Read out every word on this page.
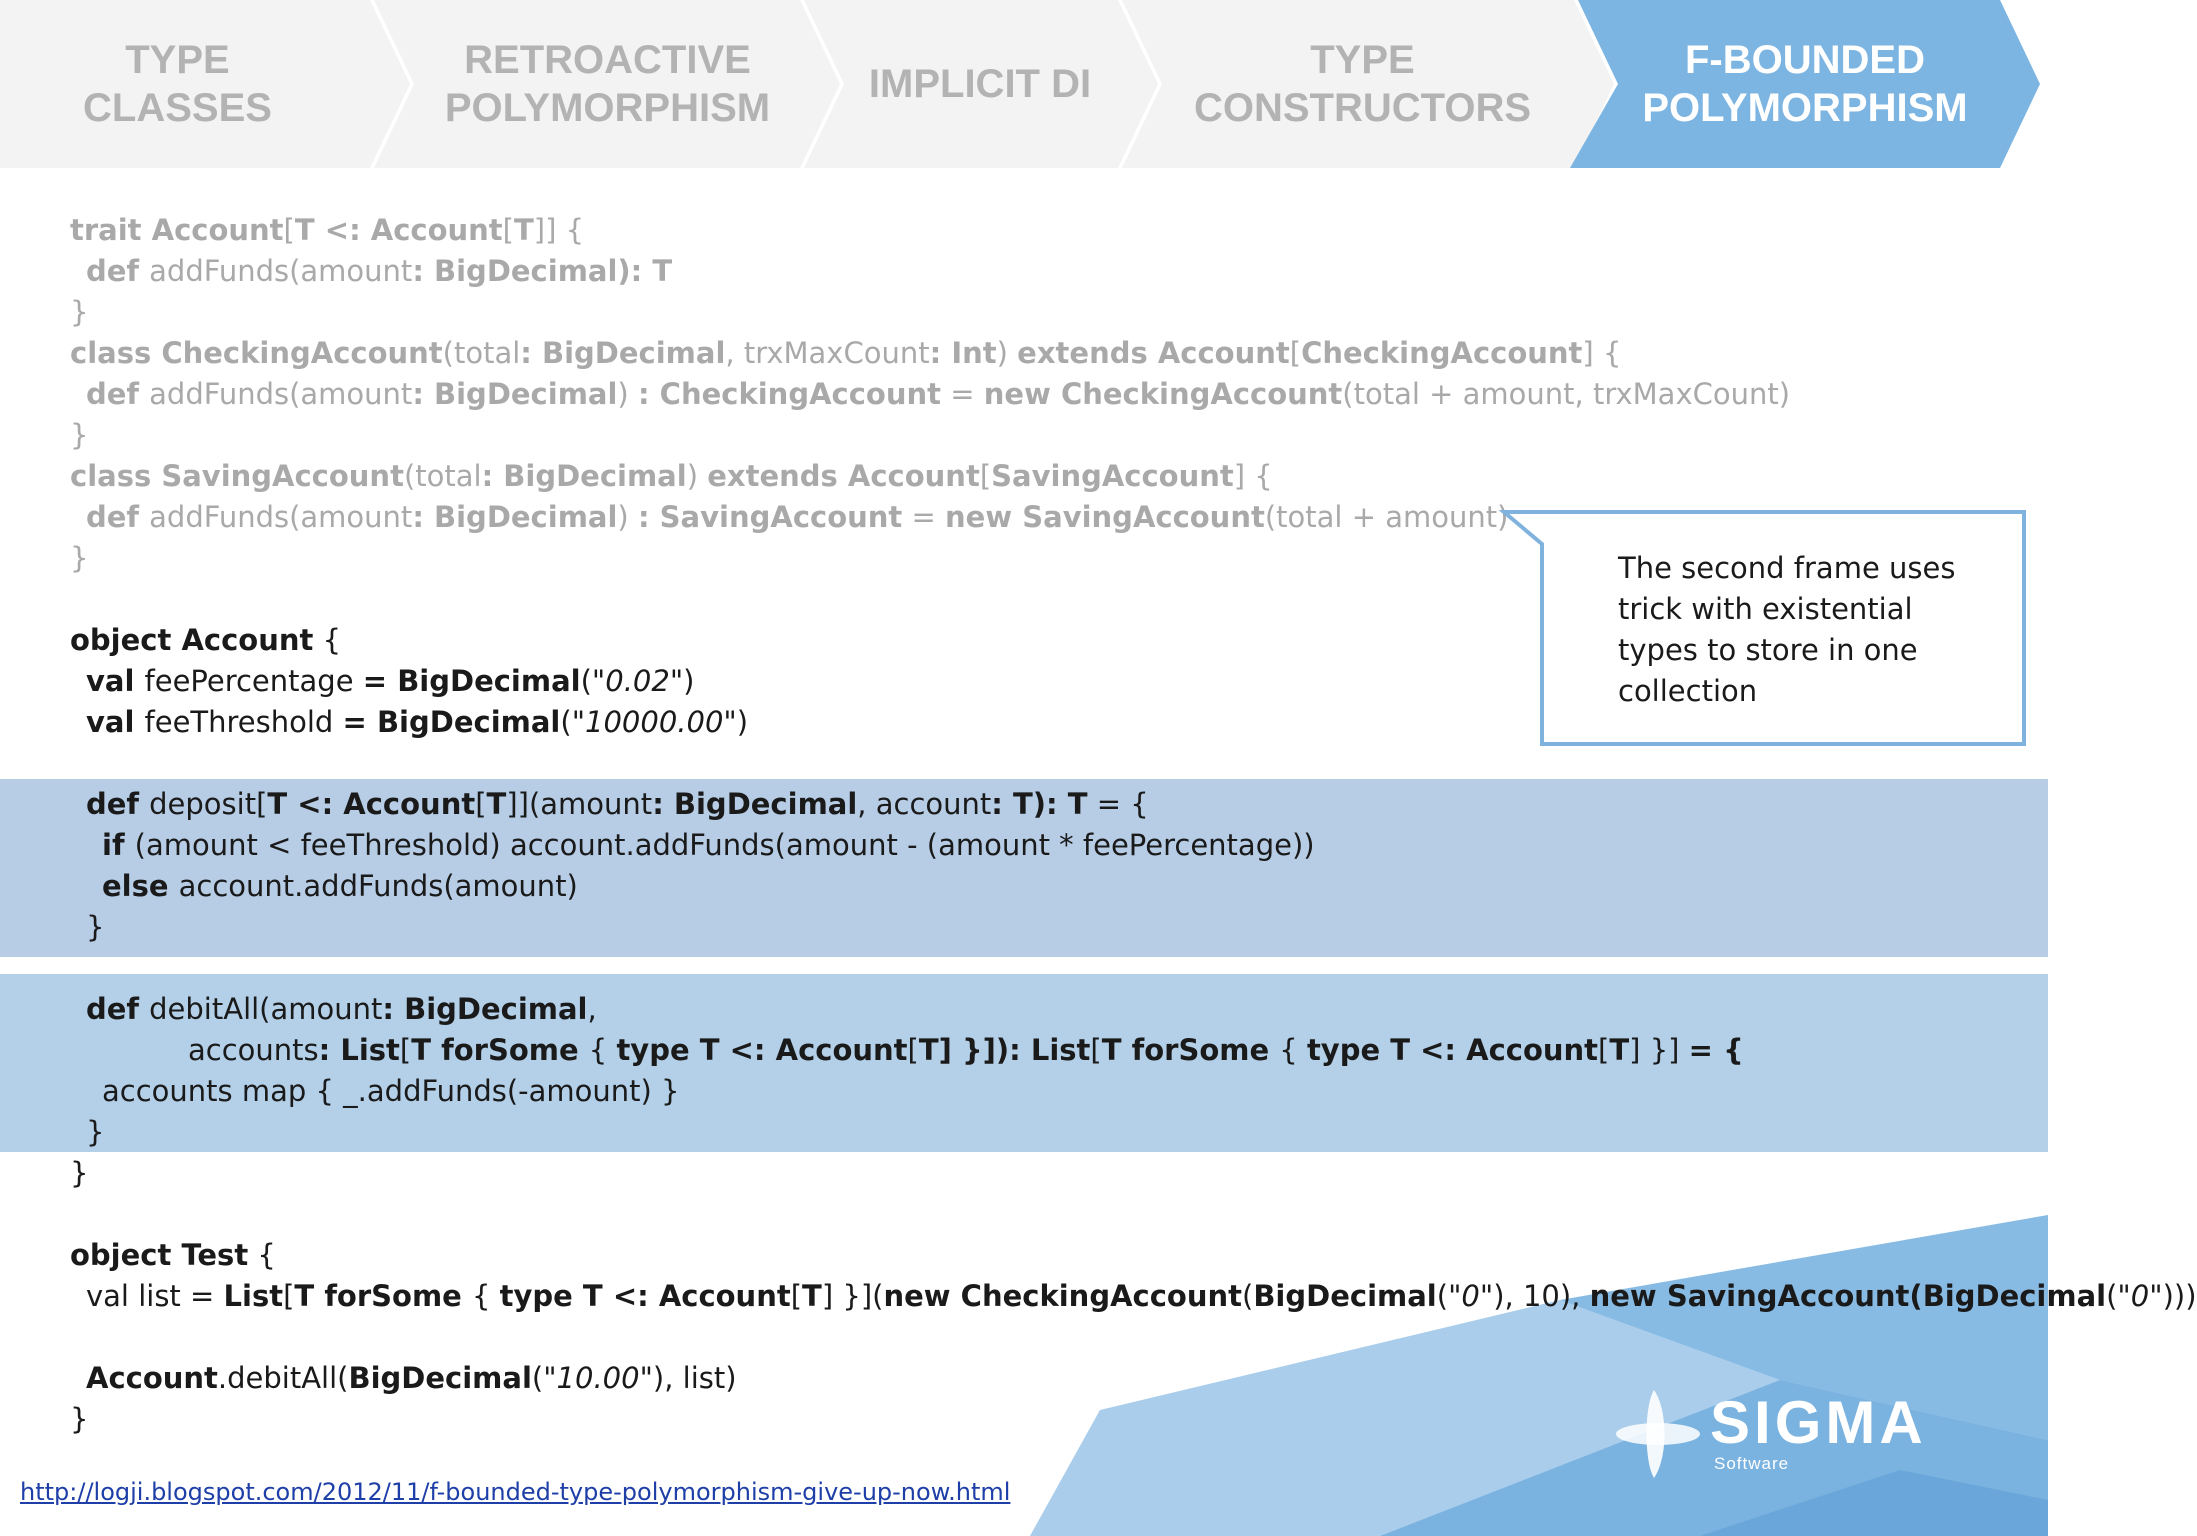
TYPE
CLASSES
RETROACTIVE
POLYMORPHISM
IMPLICIT DI
TYPE
CONSTRUCTORS
F-BOUNDED
POLYMORPHISM
trait Account[T <: Account[T]] {
def addFunds(amount: BigDecimal): T
}
class CheckingAccount(total: BigDecimal, trxMaxCount: Int) extends Account[CheckingAccount] {
def addFunds(amount: BigDecimal) : CheckingAccount = new CheckingAccount(total + amount, trxMaxCount)
}
class SavingAccount(total: BigDecimal) extends Account[SavingAccount] {
def addFunds(amount: BigDecimal) : SavingAccount = new SavingAccount(total + amount)
}
object Account {
val feePercentage = BigDecimal("0.02")
val feeThreshold = BigDecimal("10000.00")
def deposit[T <: Account[T]](amount: BigDecimal, account: T): T = {
if (amount < feeThreshold) account.addFunds(amount - (amount * feePercentage))
else account.addFunds(amount)
}
def debitAll(amount: BigDecimal,
accounts: List[T forSome { type T <: Account[T] }]): List[T forSome { type T <: Account[T] }] = {
accounts map { _.addFunds(-amount) }
}
}
object Test {
val list = List[T forSome { type T <: Account[T] }](new CheckingAccount(BigDecimal("0"), 10), new SavingAccount(BigDecimal("0")))
Account.debitAll(BigDecimal("10.00"), list)
}
The second frame uses trick with existential types to store in one collection
SIGMA
Software
http://logji.blogspot.com/2012/11/f-bounded-type-polymorphism-give-up-now.html
